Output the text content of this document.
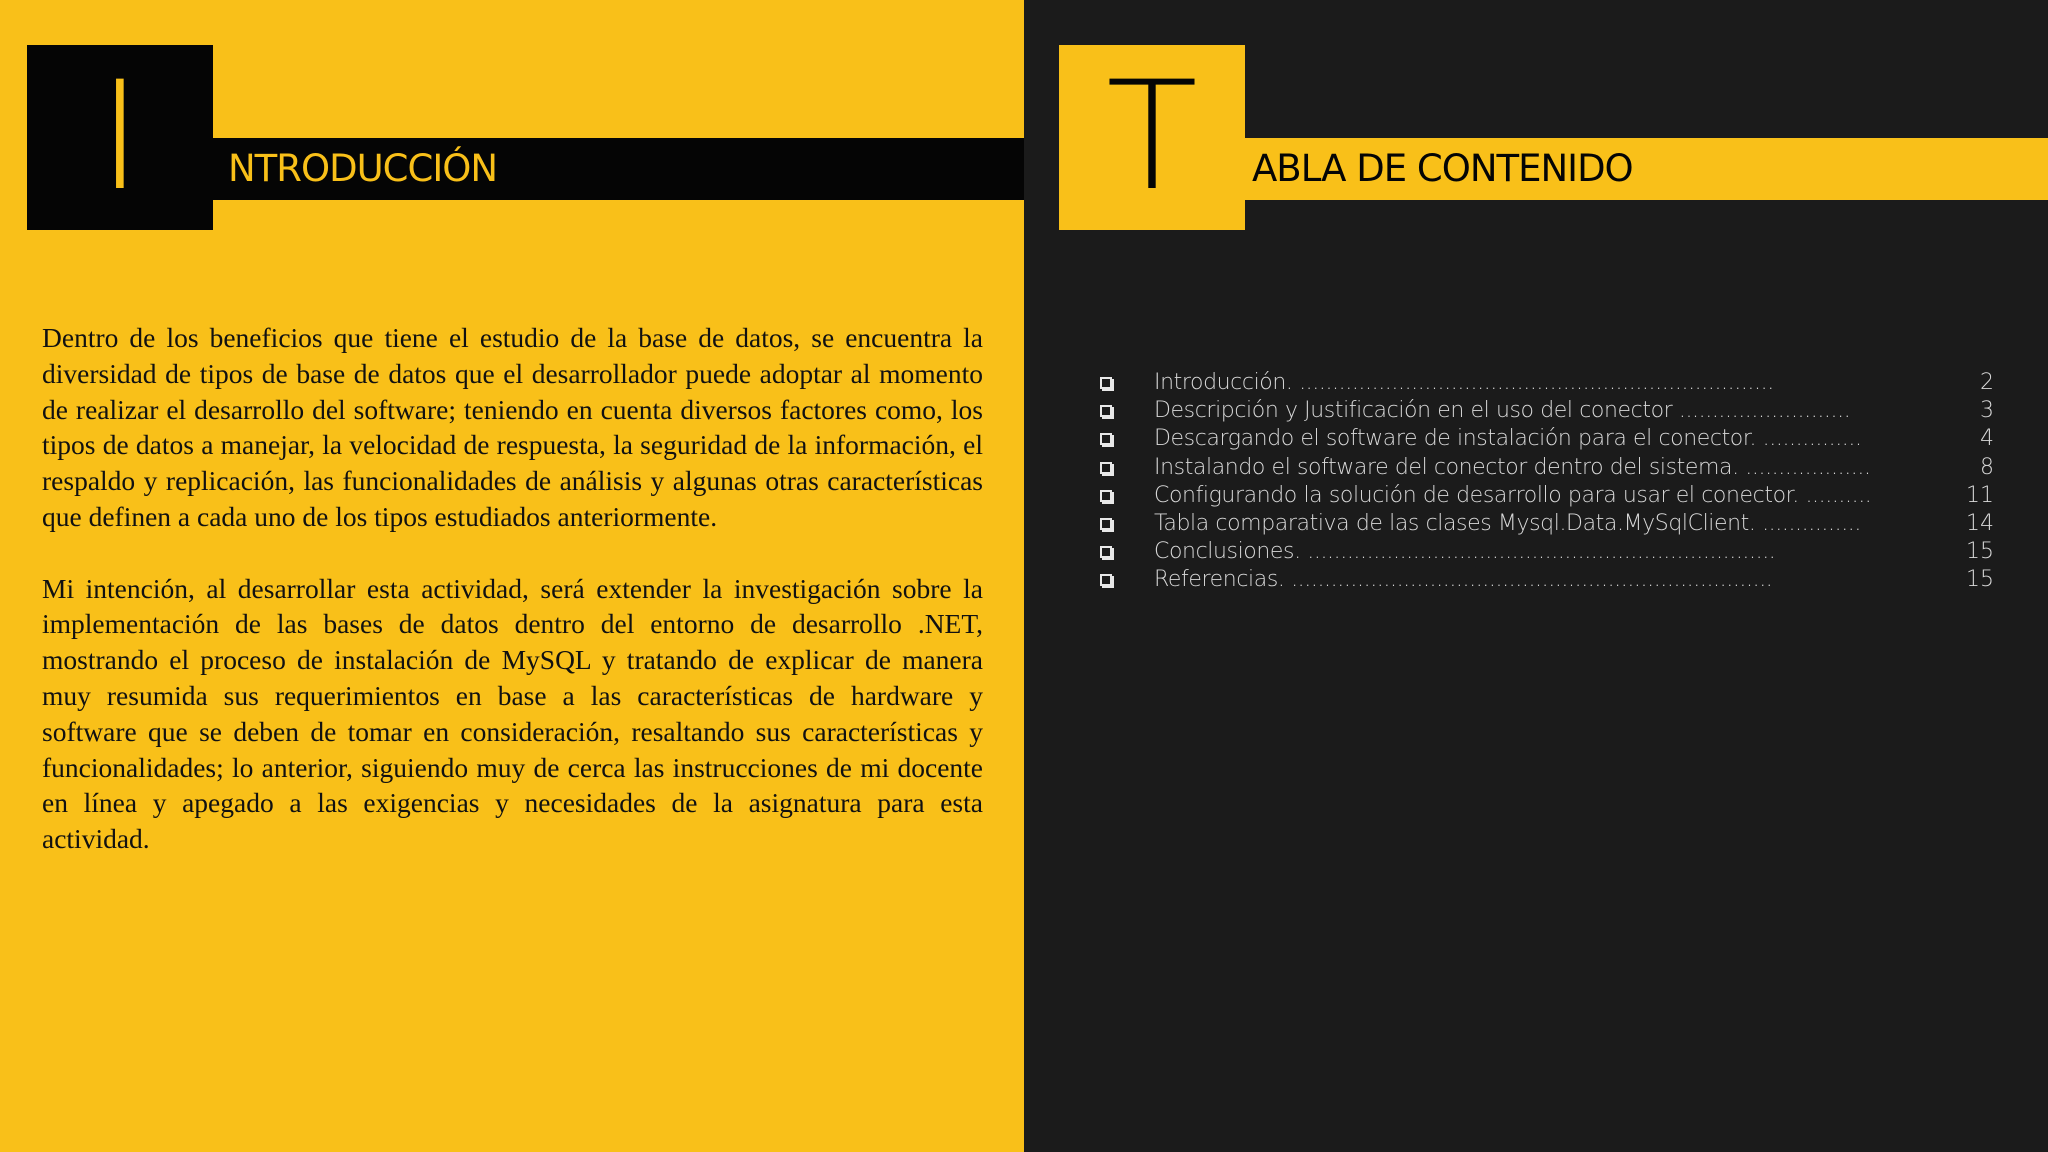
I	NTRODUCCIÓN	T	ABLA DE CONTENIDO

Dentro de los beneficios que tiene el estudio de la base de datos, se encuentra la diversidad de tipos de base de datos que el desarrollador puede adoptar al momento de realizar el desarrollo del software; teniendo en cuenta diversos factores como, los tipos de datos a manejar, la velocidad de respuesta, la seguridad de la información, el respaldo y replicación, las funcionalidades de análisis y algunas otras características que definen a cada uno de los tipos estudiados anteriormente.

Mi intención, al desarrollar esta actividad, será extender la investigación sobre la implementación de las bases de datos dentro del entorno de desarrollo .NET, mostrando el proceso de instalación de MySQL y tratando de explicar de manera muy resumida sus requerimientos en base a las características de hardware y software que se deben de tomar en consideración, resaltando sus características y funcionalidades; lo anterior, siguiendo muy de cerca las instrucciones de mi docente en línea y apegado a las exigencias y necesidades de la asignatura para esta actividad.

Introducción. ........................................................................	2
Descripción y Justificación en el uso del conector ..........................	3
Descargando el software de instalación para el conector. ...............	4
Instalando el software del conector dentro del sistema. ...................	8
Configurando la solución de desarrollo para usar el conector. ..........	11
Tabla comparativa de las clases Mysql.Data.MySqlClient. ...............	14
Conclusiones. .......................................................................	15
Referencias. .........................................................................	15
